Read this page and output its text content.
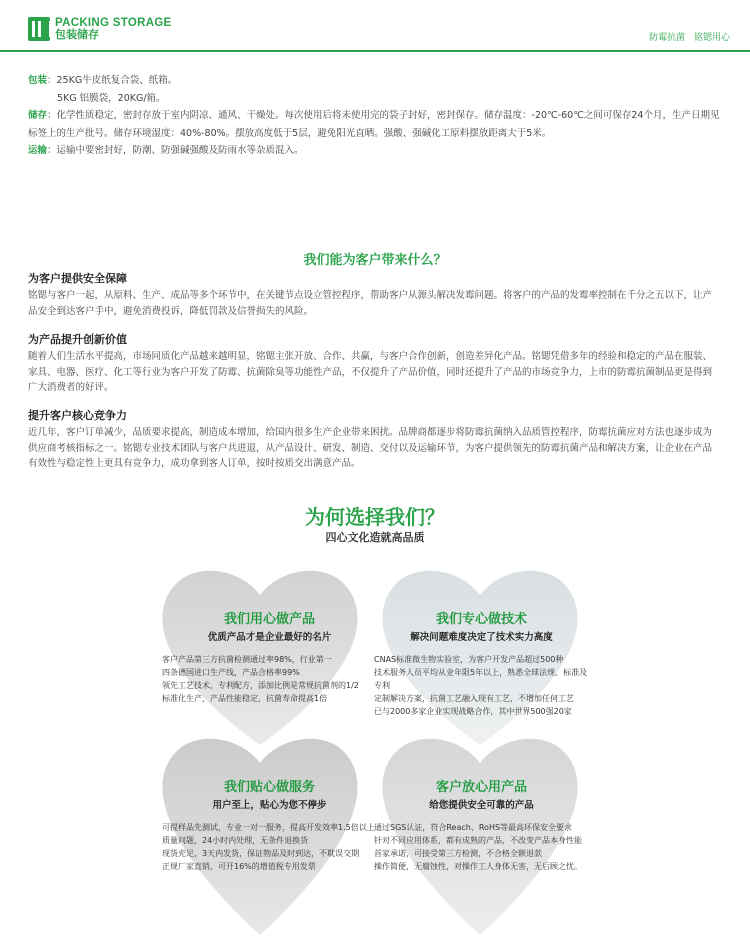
PACKING STORAGE
包装储存	防霉抗菌 铭锶用心
包装：25KG牛皮纸复合袋、纸箱。
5KG 铝膜袋，20KG/箱。
储存：化学性质稳定，密封存放于室内阴凉、通风、干燥处。每次使用后将未使用完的袋子封好，密封保存。储存温度：-20℃-60℃之间可保存24个月，生产日期见标签上的生产批号。储存环境湿度：40%-80%。摆放高度低于5层，避免阳光直晒。强酸、强碱化工原料摆放距离大于5米。
运输：运输中要密封好，防潮、防强碱强酸及防雨水等杂质混入。
我们能为客户带来什么？
为客户提供安全保障

铭锶与客户一起，从原料、生产、成品等多个环节中，在关键节点设立管控程序，帮助客户从源头解决发霉问题。将客户的产品的发霉率控制在千分之五以下，让产品安全到达客户手中，避免消费投诉，降低罚款及信誉损失的风险。

为产品提升创新价值

随着人们生活水平提高，市场同质化产品越来越明显，铭锶主张开放、合作、共赢，与客户合作创新，创造差异化产品。铭锶凭借多年的经验和稳定的产品在服装、家具、电器、医疗、化工等行业为客户开发了防霉、抗菌除臭等功能性产品，不仅提升了产品价值，同时还提升了产品的市场竞争力，上市的防霉抗菌制品更是得到广大消费者的好评。

提升客户核心竞争力

近几年，客户订单减少，品质要求提高，制造成本增加，给国内很多生产企业带来困扰。品牌商都逐步将防霉抗菌纳入品质管控程序，防霉抗菌应对方法也逐步成为供应商考核指标之一。铭锶专业技术团队与客户共进退，从产品设计、研发、制造、交付以及运输环节，为客户提供领先的防霉抗菌产品和解决方案，让企业在产品有效性与稳定性上更具有竞争力，成功拿到客人订单，按时按质交出满意产品。

为何选择我们？
四心文化造就高品质
我们用心做产品
优质产品才是企业最好的名片

客户产品第三方抗菌检测通过率98%，行业第一

四条德国进口生产线，产品合格率99%

领先工艺技术，专利配方，添加比例是常规抗菌剂的1/2

标准化生产，产品性能稳定，抗菌寿命提高1倍

我们专心做技术
解决问题难度决定了技术实力高度

CNAS标准微生物实验室，为客户开发产品超过500种

技术服务人员平均从业年限5年以上，熟悉全球法规、标准及专利

定制解决方案，抗菌工艺融入现有工艺，不增加任何工艺

已与2000多家企业实现战略合作，其中世界500强20家

我们贴心做服务
用户至上，贴心为您不停步

可提样品先测试，专业一对一服务，提高开发效率1.5倍以上

质量问题，24小时内处理，无条件退换货

现货充足，3天内发货，保证物品及时到达，不耽误交期

正规厂家直销，可开16%的增值税专用发票

客户放心用产品
给您提供安全可靠的产品

通过SGS认证，符合Reach、RoHS等最高环保安全要求

针对不同应用体系，都有成熟的产品，不改变产品本身性能

首家承诺，可接受第三方检测，不合格全额退款

操作简便，无腐蚀性，对操作工人身体无害，无后顾之忧。
